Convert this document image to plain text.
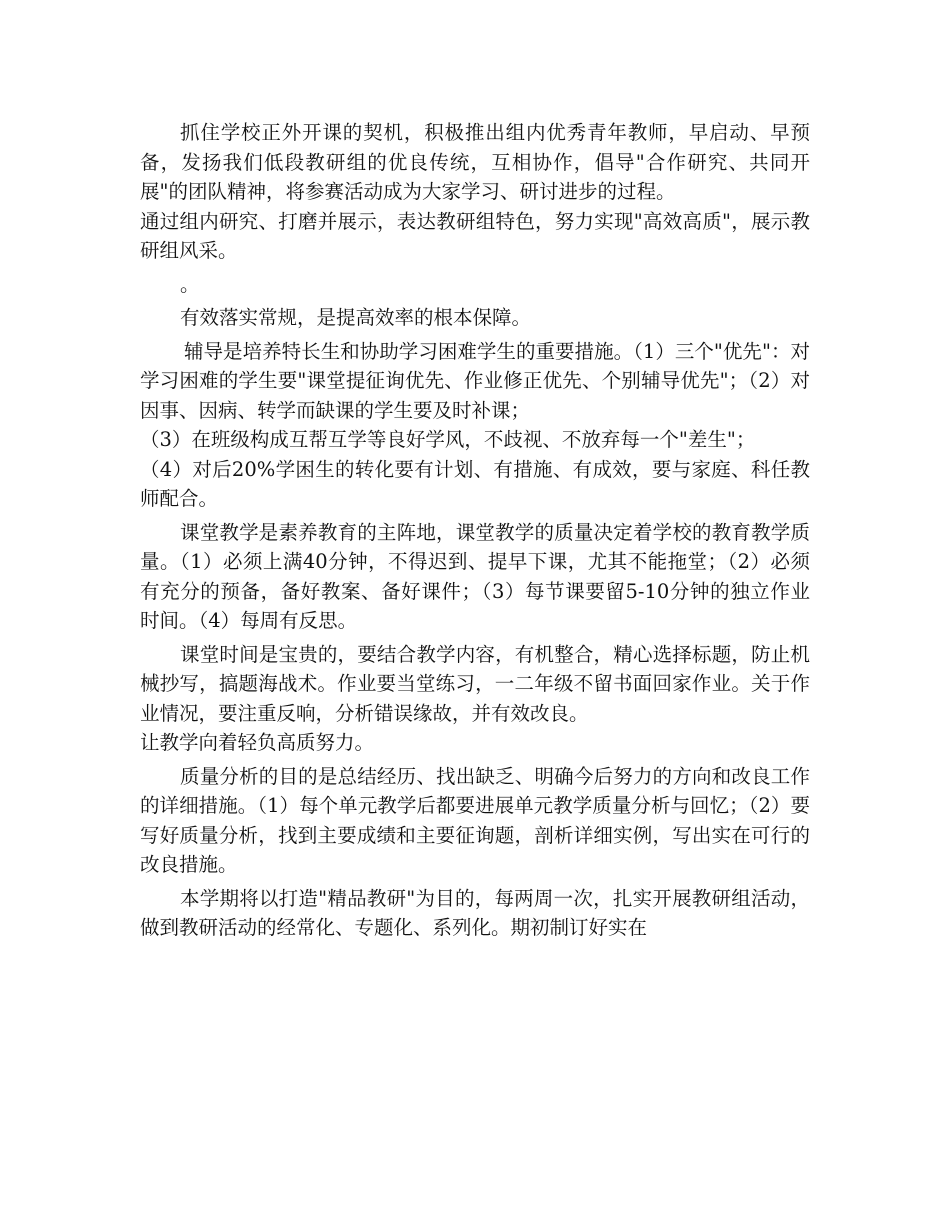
抓住学校正外开课的契机，积极推出组内优秀青年教师，早启动、早预备，发扬我们低段教研组的优良传统，互相协作，倡导"合作研究、共同开展"的团队精神，将参赛活动成为大家学习、研讨进步的过程。

通过组内研究、打磨并展示，表达教研组特色，努力实现"高效高质"，展示教研组风采。

。

有效落实常规，是提高效率的根本保障。

辅导是培养特长生和协助学习困难学生的重要措施。（1）三个"优先"：对学习困难的学生要"课堂提征询优先、作业修正优先、个别辅导优先"；（2）对因事、因病、转学而缺课的学生要及时补课；

（3）在班级构成互帮互学等良好学风，不歧视、不放弃每一个"差生"；

（4）对后20%学困生的转化要有计划、有措施、有成效，要与家庭、科任教师配合。

课堂教学是素养教育的主阵地，课堂教学的质量决定着学校的教育教学质量。（1）必须上满40分钟，不得迟到、提早下课，尤其不能拖堂；（2）必须有充分的预备，备好教案、备好课件；（3）每节课要留5-10分钟的独立作业时间。（4）每周有反思。

课堂时间是宝贵的，要结合教学内容，有机整合，精心选择标题，防止机械抄写，搞题海战术。作业要当堂练习，一二年级不留书面回家作业。关于作业情况，要注重反响，分析错误缘故，并有效改良。

让教学向着轻负高质努力。

质量分析的目的是总结经历、找出缺乏、明确今后努力的方向和改良工作的详细措施。（1）每个单元教学后都要进展单元教学质量分析与回忆；（2）要写好质量分析，找到主要成绩和主要征询题，剖析详细实例，写出实在可行的改良措施。

本学期将以打造"精品教研"为目的，每两周一次，扎实开展教研组活动，做到教研活动的经常化、专题化、系列化。期初制订好实在
